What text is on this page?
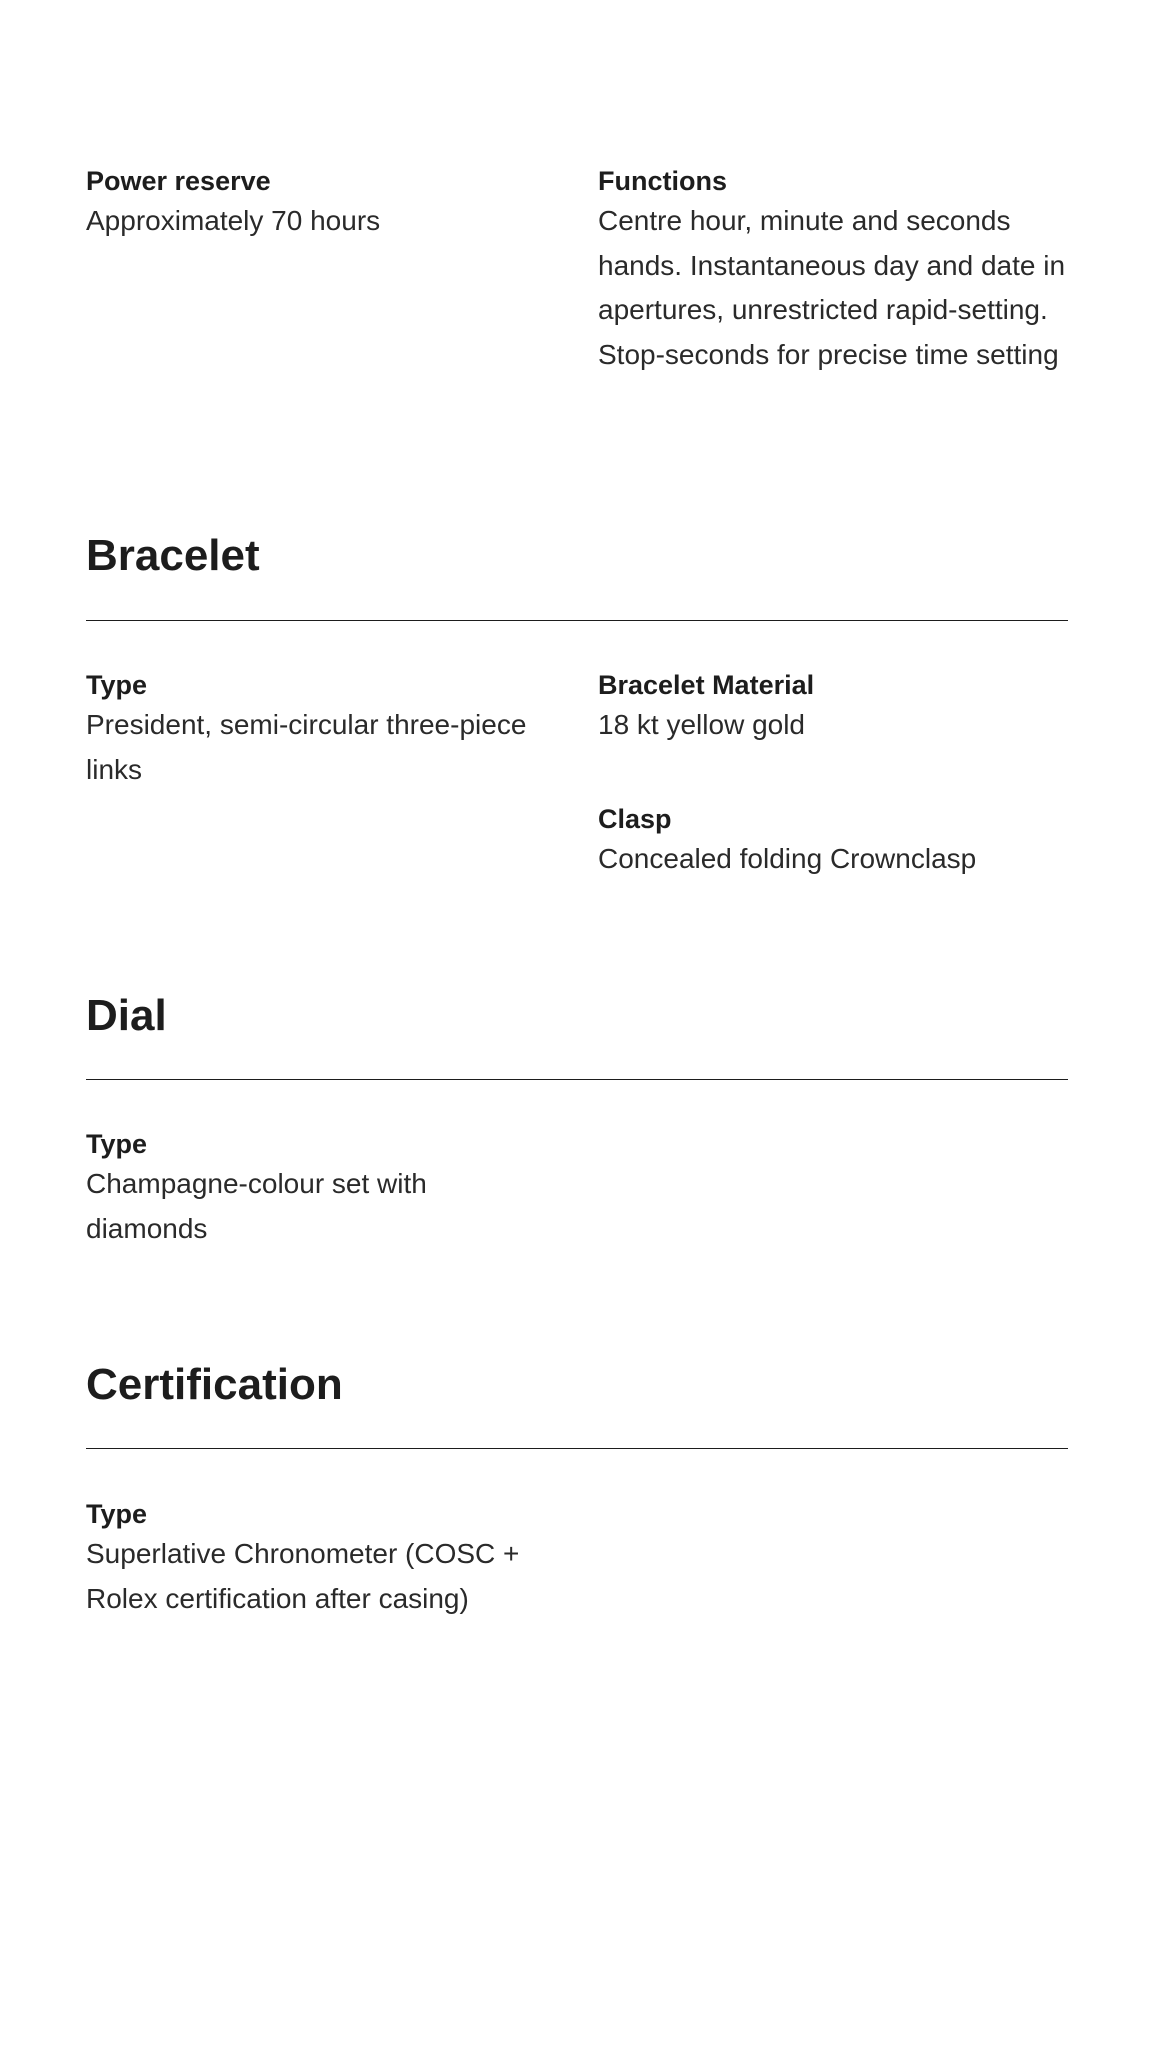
Power reserve

Approximately 70 hours

Functions

Centre hour, minute and seconds hands. Instantaneous day and date in apertures, unrestricted rapid-setting. Stop-seconds for precise time setting

Bracelet

Type

President, semi-circular three-piece links

Bracelet Material

18 kt yellow gold

Clasp

Concealed folding Crownclasp

Dial

Type

Champagne-colour set with diamonds

Certification

Type

Superlative Chronometer (COSC + Rolex certification after casing)
